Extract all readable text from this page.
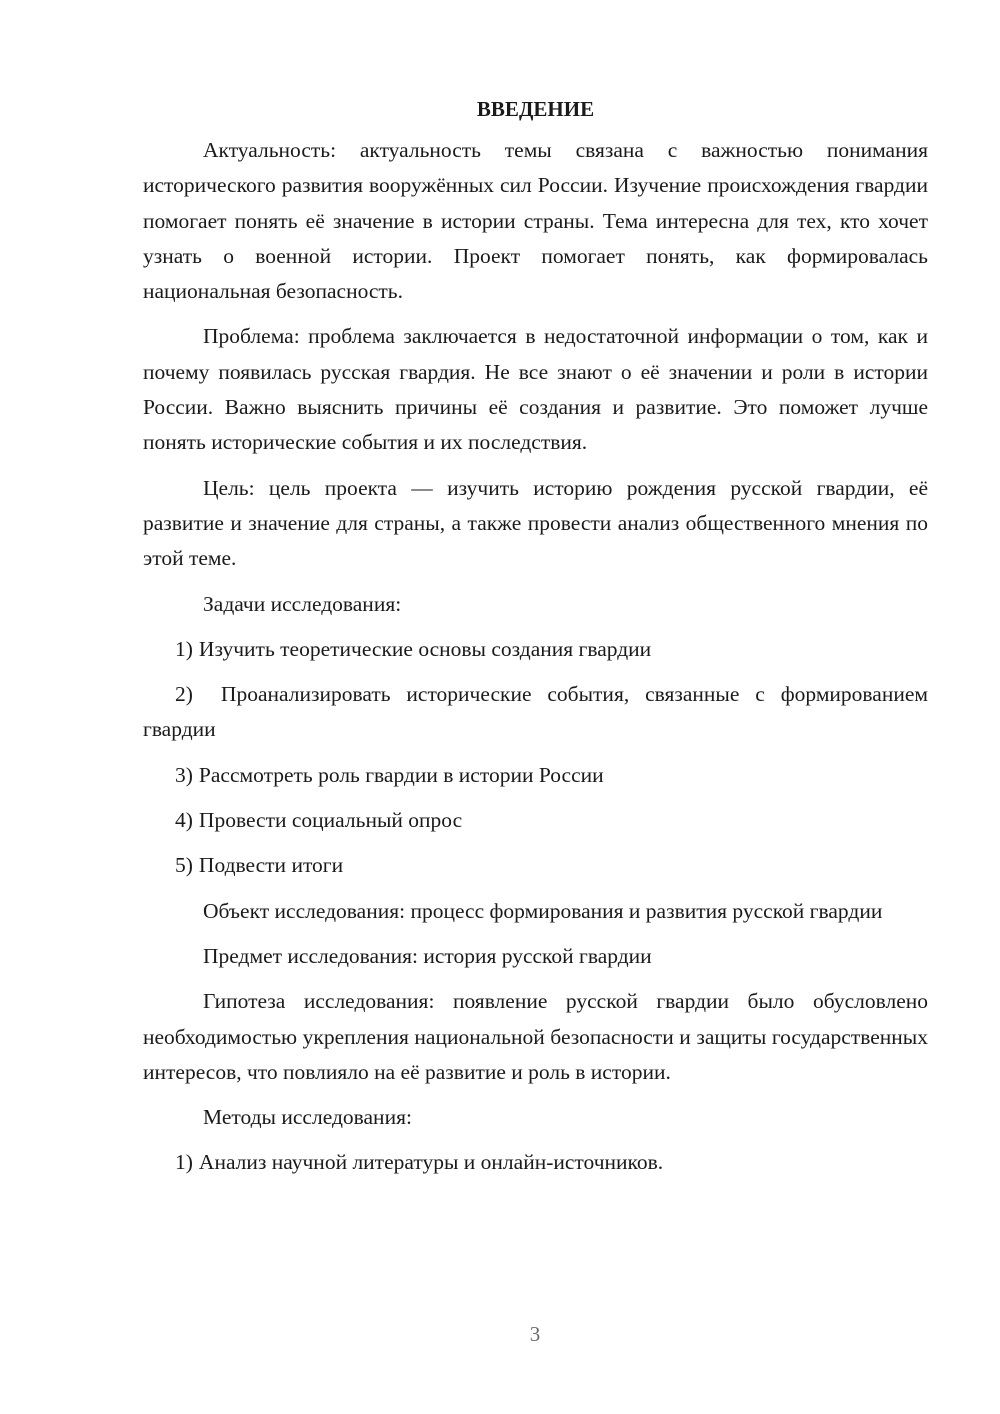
ВВЕДЕНИЕ

Актуальность: актуальность темы связана с важностью понимания исторического развития вооружённых сил России. Изучение происхождения гвардии помогает понять её значение в истории страны. Тема интересна для тех, кто хочет узнать о военной истории. Проект помогает понять, как формировалась национальная безопасность.

Проблема: проблема заключается в недостаточной информации о том, как и почему появилась русская гвардия. Не все знают о её значении и роли в истории России. Важно выяснить причины её создания и развитие. Это поможет лучше понять исторические события и их последствия.

Цель: цель проекта — изучить историю рождения русской гвардии, её развитие и значение для страны, а также провести анализ общественного мнения по этой теме.

Задачи исследования:

1) Изучить теоретические основы создания гвардии

2) Проанализировать исторические события, связанные с формированием гвардии

3) Рассмотреть роль гвардии в истории России

4) Провести социальный опрос

5) Подвести итоги

Объект исследования: процесс формирования и развития русской гвардии

Предмет исследования: история русской гвардии

Гипотеза исследования: появление русской гвардии было обусловлено необходимостью укрепления национальной безопасности и защиты государственных интересов, что повлияло на её развитие и роль в истории.

Методы исследования:

1) Анализ научной литературы и онлайн-источников.

3
